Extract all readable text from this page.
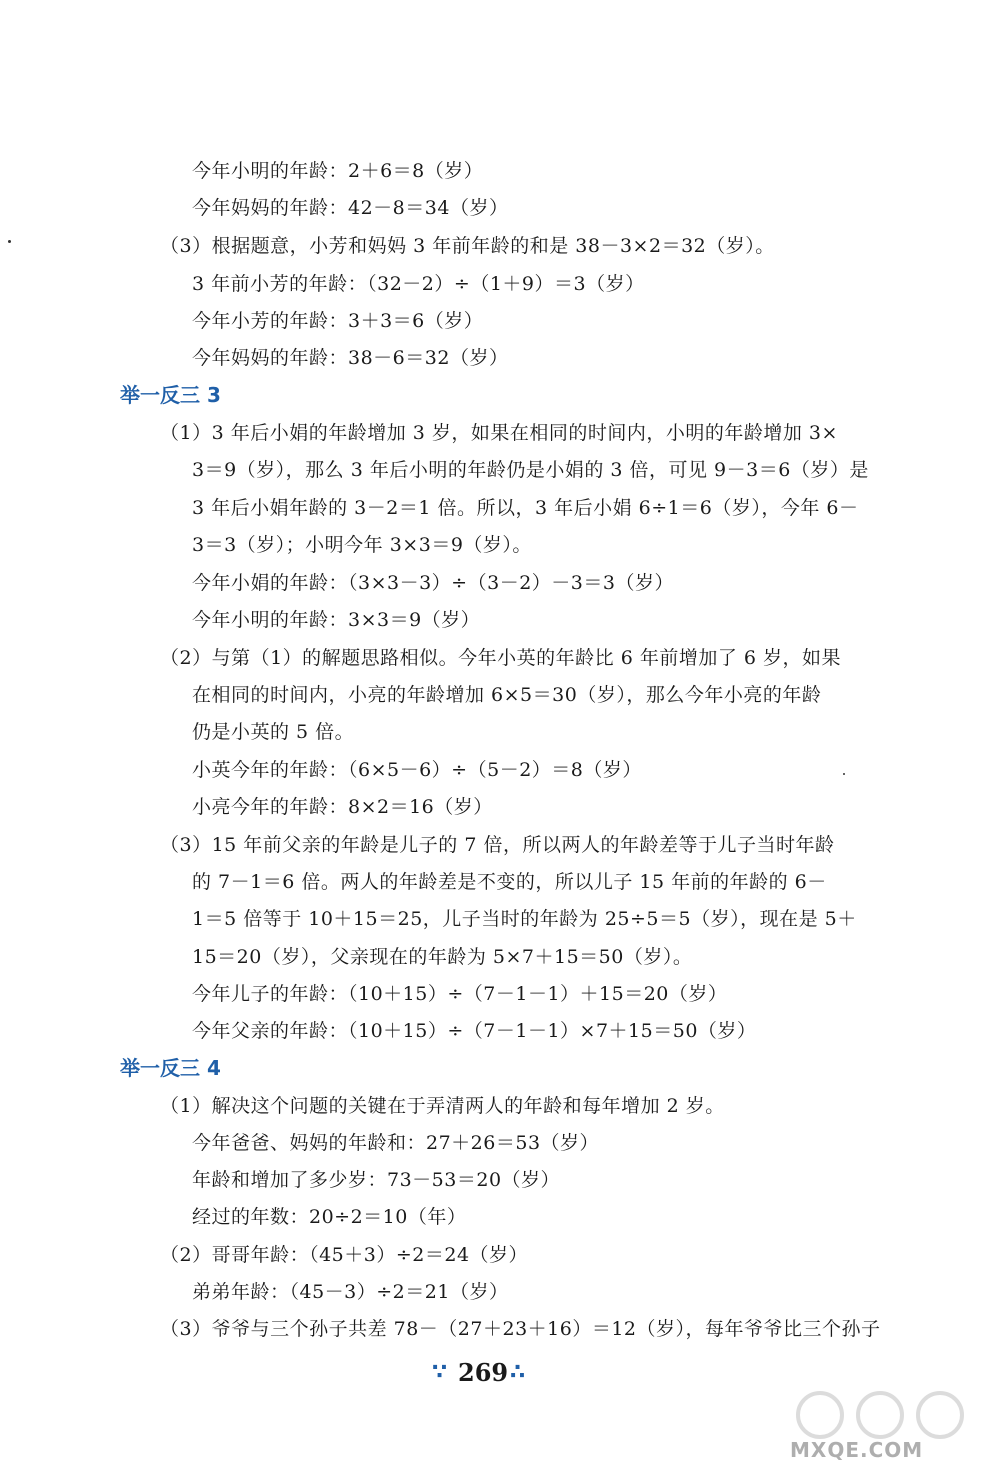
今年小明的年龄：2＋6＝8（岁）
今年妈妈的年龄：42－8＝34（岁）
（3）根据题意，小芳和妈妈 3 年前年龄的和是 38－3×2＝32（岁）。
3 年前小芳的年龄：（32－2）÷（1＋9）＝3（岁）
今年小芳的年龄：3＋3＝6（岁）
今年妈妈的年龄：38－6＝32（岁）
举一反三 3
（1）3 年后小娟的年龄增加 3 岁，如果在相同的时间内，小明的年龄增加 3×
3＝9（岁），那么 3 年后小明的年龄仍是小娟的 3 倍，可见 9－3＝6（岁）是
3 年后小娟年龄的 3－2＝1 倍。所以，3 年后小娟 6÷1＝6（岁），今年 6－
3＝3（岁）；小明今年 3×3＝9（岁）。
今年小娟的年龄：（3×3－3）÷（3－2）－3＝3（岁）
今年小明的年龄：3×3＝9（岁）
（2）与第（1）的解题思路相似。今年小英的年龄比 6 年前增加了 6 岁，如果
在相同的时间内，小亮的年龄增加 6×5＝30（岁），那么今年小亮的年龄
仍是小英的 5 倍。
小英今年的年龄：（6×5－6）÷（5－2）＝8（岁）
小亮今年的年龄：8×2＝16（岁）
（3）15 年前父亲的年龄是儿子的 7 倍，所以两人的年龄差等于儿子当时年龄
的 7－1＝6 倍。两人的年龄差是不变的，所以儿子 15 年前的年龄的 6－
1＝5 倍等于 10＋15＝25，儿子当时的年龄为 25÷5＝5（岁），现在是 5＋
15＝20（岁），父亲现在的年龄为 5×7＋15＝50（岁）。
今年儿子的年龄：（10＋15）÷（7－1－1）＋15＝20（岁）
今年父亲的年龄：（10＋15）÷（7－1－1）×7＋15＝50（岁）
举一反三 4
（1）解决这个问题的关键在于弄清两人的年龄和每年增加 2 岁。
今年爸爸、妈妈的年龄和：27＋26＝53（岁）
年龄和增加了多少岁：73－53＝20（岁）
经过的年数：20÷2＝10（年）
（2）哥哥年龄：（45＋3）÷2＝24（岁）
弟弟年龄：（45－3）÷2＝21（岁）
（3）爷爷与三个孙子共差 78－（27＋23＋16）＝12（岁），每年爷爷比三个孙子
∵ 269 ∴
MXQE.COM
